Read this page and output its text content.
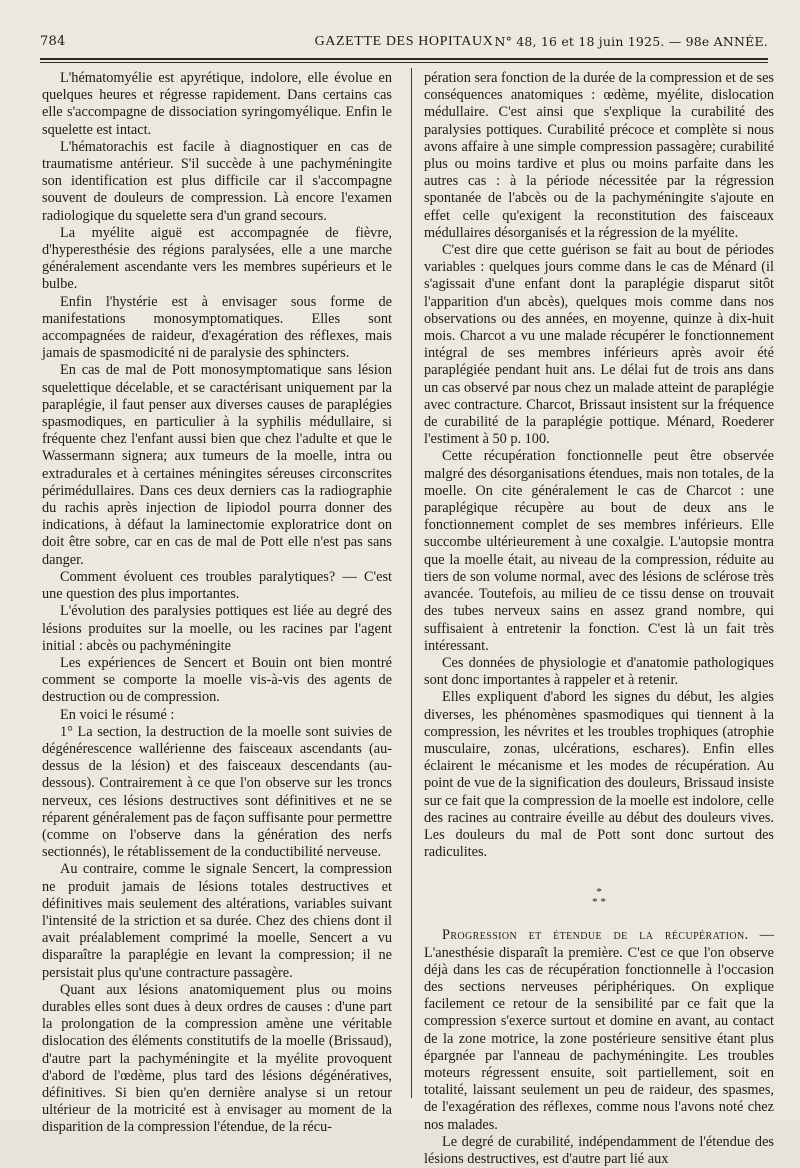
784	GAZETTE DES HOPITAUX N° 48, 16 et 18 juin 1925. — 98e ANNÉE.

L'hématomyélie est apyrétique, indolore, elle évolue en quelques heures et régresse rapidement. Dans certains cas elle s'accompagne de dissociation syringomyélique. Enfin le squelette est intact.

L'hématorachis est facile à diagnostiquer en cas de traumatisme antérieur. S'il succède à une pachyméningite son identification est plus difficile car il s'accompagne souvent de douleurs de compression. Là encore l'examen radiologique du squelette sera d'un grand secours.

La myélite aiguë est accompagnée de fièvre, d'hyperesthésie des régions paralysées, elle a une marche généralement ascendante vers les membres supérieurs et le bulbe.

Enfin l'hystérie est à envisager sous forme de manifestations monosymptomatiques. Elles sont accompagnées de raideur, d'exagération des réflexes, mais jamais de spasmodicité ni de paralysie des sphincters.

En cas de mal de Pott monosymptomatique sans lésion squelettique décelable, et se caractérisant uniquement par la paraplégie, il faut penser aux diverses causes de paraplégies spasmodiques, en particulier à la syphilis médullaire, si fréquente chez l'enfant aussi bien que chez l'adulte et que le Wassermann signera; aux tumeurs de la moelle, intra ou extradurales et à certaines méningites séreuses circonscrites périmédullaires. Dans ces deux derniers cas la radiographie du rachis après injection de lipiodol pourra donner des indications, à défaut la laminectomie exploratrice dont on doit être sobre, car en cas de mal de Pott elle n'est pas sans danger.

Comment évoluent ces troubles paralytiques? — C'est une question des plus importantes.

L'évolution des paralysies pottiques est liée au degré des lésions produites sur la moelle, ou les racines par l'agent initial : abcès ou pachyméningite

Les expériences de Sencert et Bouin ont bien montré comment se comporte la moelle vis-à-vis des agents de destruction ou de compression.

En voici le résumé :

1° La section, la destruction de la moelle sont suivies de dégénérescence wallérienne des faisceaux ascendants (au-dessus de la lésion) et des faisceaux descendants (au-dessous). Contrairement à ce que l'on observe sur les troncs nerveux, ces lésions destructives sont définitives et ne se réparent généralement pas de façon suffisante pour permettre (comme on l'observe dans la génération des nerfs sectionnés), le rétablissement de la conductibilité nerveuse.

Au contraire, comme le signale Sencert, la compression ne produit jamais de lésions totales destructives et définitives mais seulement des altérations, variables suivant l'intensité de la striction et sa durée. Chez des chiens dont il avait préalablement comprimé la moelle, Sencert a vu disparaître la paraplégie en levant la compression; il ne persistait plus qu'une contracture passagère.

Quant aux lésions anatomiquement plus ou moins durables elles sont dues à deux ordres de causes : d'une part la prolongation de la compression amène une véritable dislocation des éléments constitutifs de la moelle (Brissaud), d'autre part la pachyméningite et la myélite provoquent d'abord de l'œdème, plus tard des lésions dégénératives, définitives. Si bien qu'en dernière analyse si un retour ultérieur de la motricité est à envisager au moment de la disparition de la compression l'étendue, de la récu-

pération sera fonction de la durée de la compression et de ses conséquences anatomiques : œdème, myélite, dislocation médullaire. C'est ainsi que s'explique la curabilité des paralysies pottiques. Curabilité précoce et complète si nous avons affaire à une simple compression passagère; curabilité plus ou moins tardive et plus ou moins parfaite dans les autres cas : à la période nécessitée par la régression spontanée de l'abcès ou de la pachyméningite s'ajoute en effet celle qu'exigent la reconstitution des faisceaux médullaires désorganisés et la régression de la myélite.

C'est dire que cette guérison se fait au bout de périodes variables : quelques jours comme dans le cas de Ménard (il s'agissait d'une enfant dont la paraplégie disparut sitôt l'apparition d'un abcès), quelques mois comme dans nos observations ou des années, en moyenne, quinze à dix-huit mois. Charcot a vu une malade récupérer le fonctionnement intégral de ses membres inférieurs après avoir été paraplégiée pendant huit ans. Le délai fut de trois ans dans un cas observé par nous chez un malade atteint de paraplégie avec contracture. Charcot, Brissaut insistent sur la fréquence de curabilité de la paraplégie pottique. Ménard, Roederer l'estiment à 50 p. 100.

Cette récupération fonctionnelle peut être observée malgré des désorganisations étendues, mais non totales, de la moelle. On cite généralement le cas de Charcot : une paraplégique récupère au bout de deux ans le fonctionnement complet de ses membres inférieurs. Elle succombe ultérieurement à une coxalgie. L'autopsie montra que la moelle était, au niveau de la compression, réduite au tiers de son volume normal, avec des lésions de sclérose très avancée. Toutefois, au milieu de ce tissu dense on trouvait des tubes nerveux sains en assez grand nombre, qui suffisaient à entretenir la fonction. C'est là un fait très intéressant.

Ces données de physiologie et d'anatomie pathologiques sont donc importantes à rappeler et à retenir.

Elles expliquent d'abord les signes du début, les algies diverses, les phénomènes spasmodiques qui tiennent à la compression, les névrites et les troubles trophiques (atrophie musculaire, zonas, ulcérations, eschares). Enfin elles éclairent le mécanisme et les modes de récupération. Au point de vue de la signification des douleurs, Brissaud insiste sur ce fait que la compression de la moelle est indolore, celle des racines au contraire éveille au début des douleurs vives. Les douleurs du mal de Pott sont donc surtout des radiculites.

*
* *

Progression et étendue de la récupération. — L'anesthésie disparaît la première. C'est ce que l'on observe déjà dans les cas de récupération fonctionnelle à l'occasion des sections nerveuses périphériques. On explique facilement ce retour de la sensibilité par ce fait que la compression s'exerce surtout et domine en avant, au contact de la zone motrice, la zone postérieure sensitive étant plus épargnée par l'anneau de pachyméningite. Les troubles moteurs régressent ensuite, soit partiellement, soit en totalité, laissant seulement un peu de raideur, des spasmes, de l'exagération des réflexes, comme nous l'avons noté chez nos malades.

Le degré de curabilité, indépendamment de l'étendue des lésions destructives, est d'autre part lié aux
